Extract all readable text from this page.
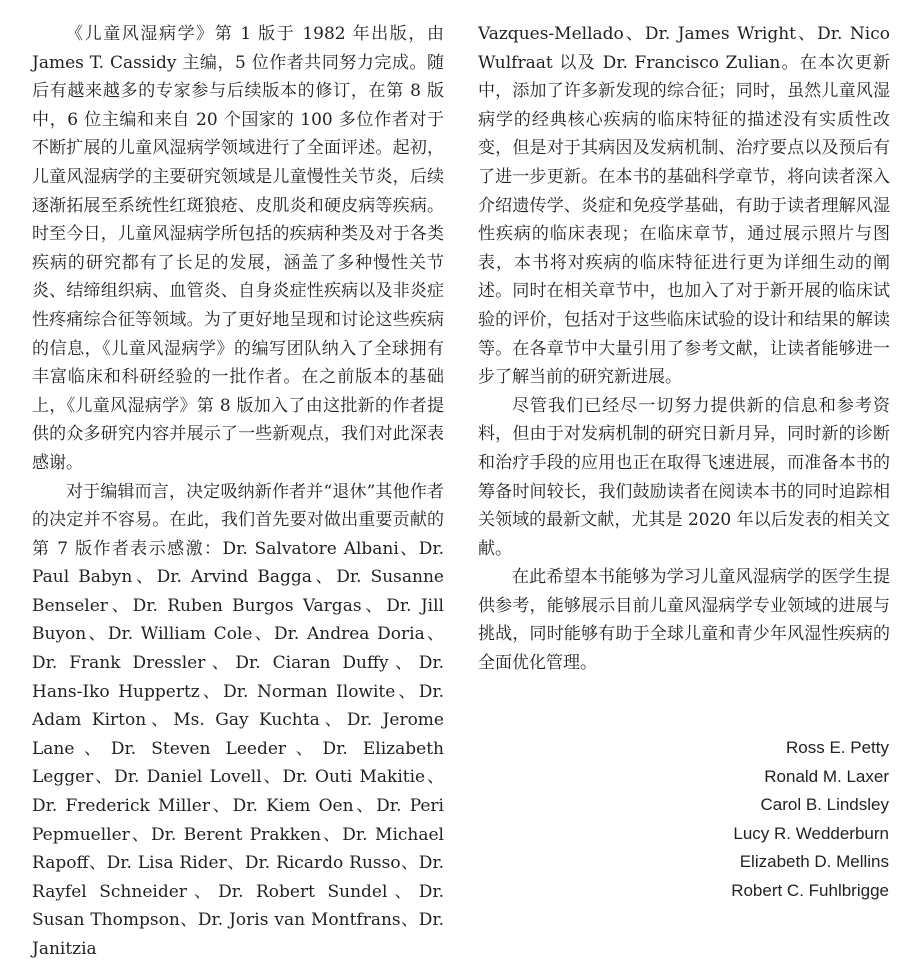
《儿童风湿病学》第 1 版于 1982 年出版，由 James T. Cassidy 主编，5 位作者共同努力完成。随后有越来越多的专家参与后续版本的修订，在第 8 版中，6 位主编和来自 20 个国家的 100 多位作者对于不断扩展的儿童风湿病学领域进行了全面评述。起初，儿童风湿病学的主要研究领域是儿童慢性关节炎，后续逐渐拓展至系统性红斑狼疮、皮肌炎和硬皮病等疾病。时至今日，儿童风湿病学所包括的疾病种类及对于各类疾病的研究都有了长足的发展，涵盖了多种慢性关节炎、结缔组织病、血管炎、自身炎症性疾病以及非炎症性疼痛综合征等领域。为了更好地呈现和讨论这些疾病的信息，《儿童风湿病学》的编写团队纳入了全球拥有丰富临床和科研经验的一批作者。在之前版本的基础上，《儿童风湿病学》第 8 版加入了由这批新的作者提供的众多研究内容并展示了一些新观点，我们对此深表感谢。

对于编辑而言，决定吸纳新作者并“退休”其他作者的决定并不容易。在此，我们首先要对做出重要贡献的第 7 版作者表示感激：Dr. Salvatore Albani、Dr. Paul Babyn、Dr. Arvind Bagga、Dr. Susanne Benseler、Dr. Ruben Burgos Vargas、Dr. Jill Buyon、Dr. William Cole、Dr. Andrea Doria、Dr. Frank Dressler、Dr. Ciaran Duffy、Dr. Hans-Iko Huppertz、Dr. Norman Ilowite、Dr. Adam Kirton、Ms. Gay Kuchta、Dr. Jerome Lane、Dr. Steven Leeder、Dr. Elizabeth Legger、Dr. Daniel Lovell、Dr. Outi Makitie、Dr. Frederick Miller、Dr. Kiem Oen、Dr. Peri Pepmueller、Dr. Berent Prakken、Dr. Michael Rapoff、Dr. Lisa Rider、Dr. Ricardo Russo、Dr. Rayfel Schneider、Dr. Robert Sundel、Dr. Susan Thompson、Dr. Joris van Montfrans、Dr. Janitzia

Vazques-Mellado、Dr. James Wright、Dr. Nico Wulfraat 以及 Dr. Francisco Zulian。在本次更新中，添加了许多新发现的综合征；同时，虽然儿童风湿病学的经典核心疾病的临床特征的描述没有实质性改变，但是对于其病因及发病机制、治疗要点以及预后有了进一步更新。在本书的基础科学章节，将向读者深入介绍遗传学、炎症和免疫学基础，有助于读者理解风湿性疾病的临床表现；在临床章节，通过展示照片与图表，本书将对疾病的临床特征进行更为详细生动的阐述。同时在相关章节中，也加入了对于新开展的临床试验的评价，包括对于这些临床试验的设计和结果的解读等。在各章节中大量引用了参考文献，让读者能够进一步了解当前的研究新进展。

尽管我们已经尽一切努力提供新的信息和参考资料，但由于对发病机制的研究日新月异，同时新的诊断和治疗手段的应用也正在取得飞速进展，而准备本书的筹备时间较长，我们鼓励读者在阅读本书的同时追踪相关领域的最新文献，尤其是 2020 年以后发表的相关文献。

在此希望本书能够为学习儿童风湿病学的医学生提供参考，能够展示目前儿童风湿病学专业领域的进展与挑战，同时能够有助于全球儿童和青少年风湿性疾病的全面优化管理。

Ross E. Petty
Ronald M. Laxer
Carol B. Lindsley
Lucy R. Wedderburn
Elizabeth D. Mellins
Robert C. Fuhlbrigge
